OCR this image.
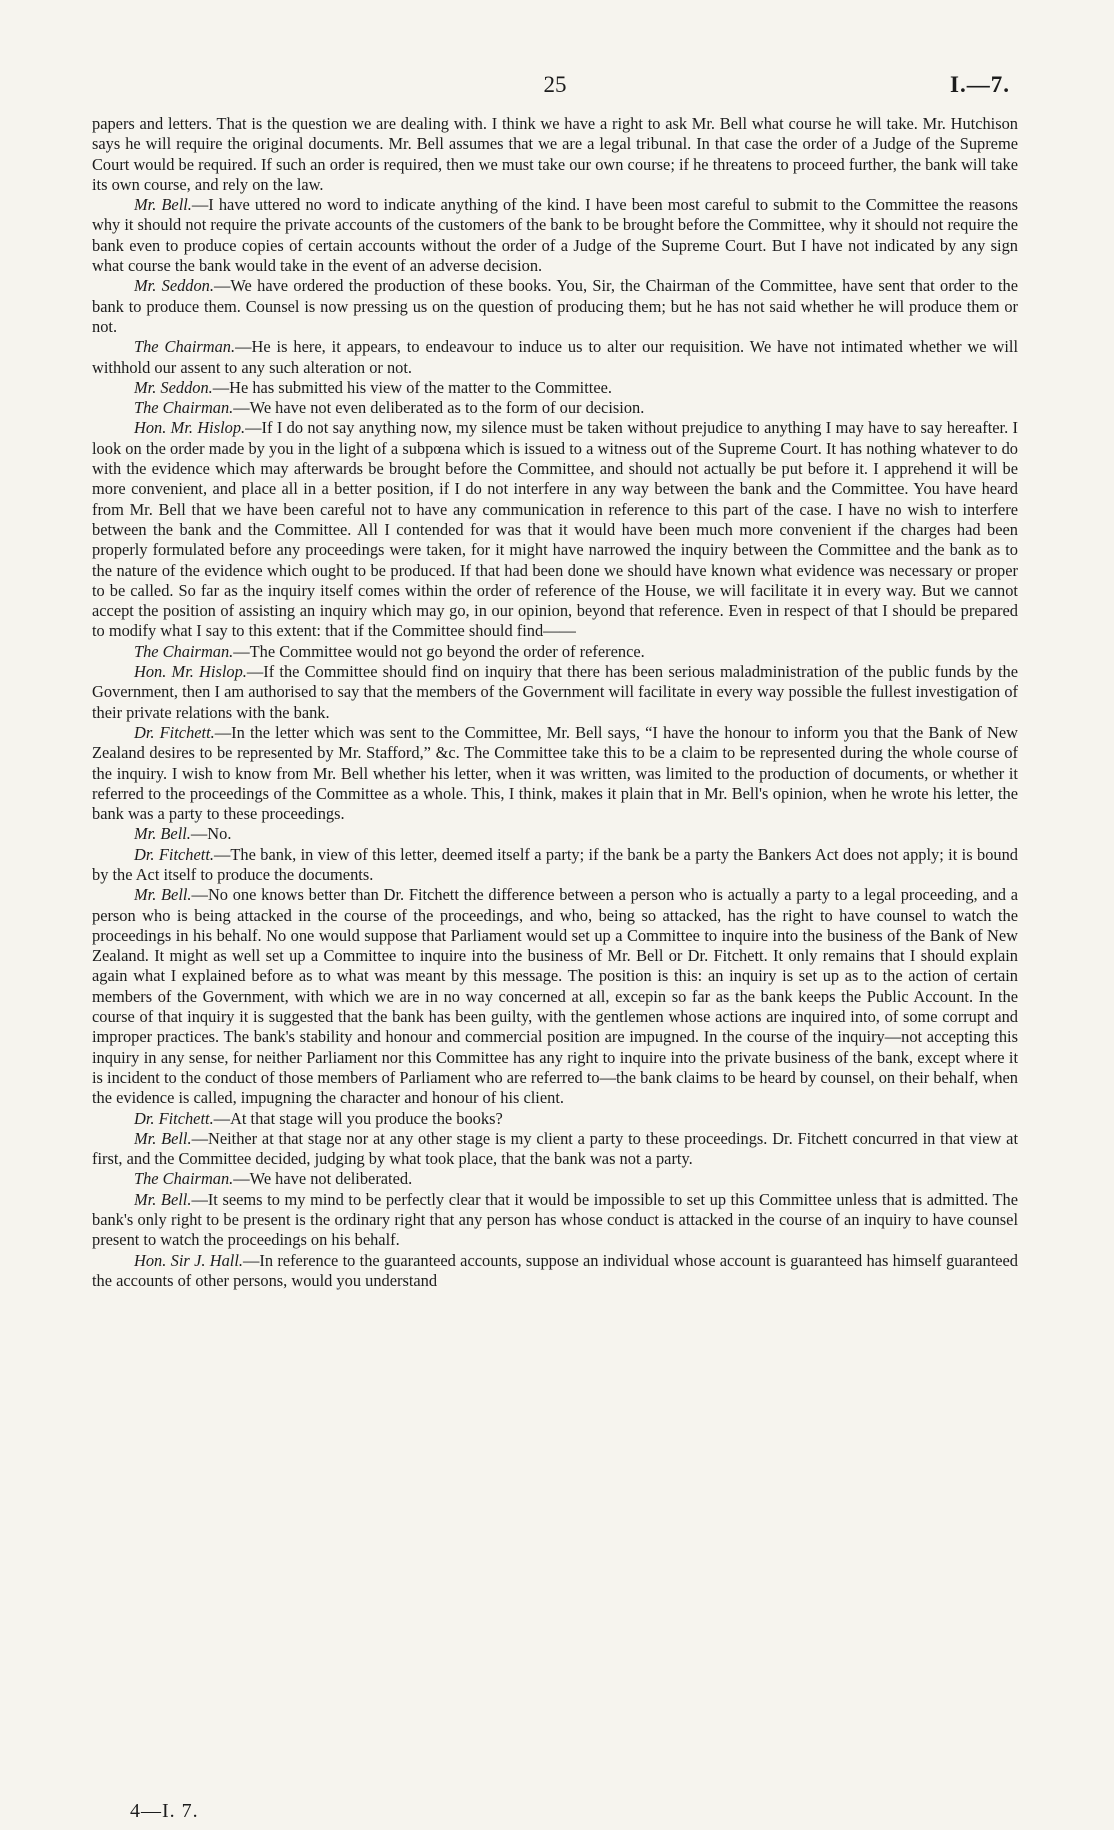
25	I.—7.

papers and letters. That is the question we are dealing with. I think we have a right to ask Mr. Bell what course he will take. Mr. Hutchison says he will require the original documents. Mr. Bell assumes that we are a legal tribunal. In that case the order of a Judge of the Supreme Court would be required. If such an order is required, then we must take our own course; if he threatens to proceed further, the bank will take its own course, and rely on the law.

Mr. Bell.—I have uttered no word to indicate anything of the kind. I have been most careful to submit to the Committee the reasons why it should not require the private accounts of the customers of the bank to be brought before the Committee, why it should not require the bank even to produce copies of certain accounts without the order of a Judge of the Supreme Court. But I have not indicated by any sign what course the bank would take in the event of an adverse decision.

Mr. Seddon.—We have ordered the production of these books. You, Sir, the Chairman of the Committee, have sent that order to the bank to produce them. Counsel is now pressing us on the question of producing them; but he has not said whether he will produce them or not.

The Chairman.—He is here, it appears, to endeavour to induce us to alter our requisition. We have not intimated whether we will withhold our assent to any such alteration or not.

Mr. Seddon.—He has submitted his view of the matter to the Committee.

The Chairman.—We have not even deliberated as to the form of our decision.

Hon. Mr. Hislop.—If I do not say anything now, my silence must be taken without prejudice to anything I may have to say hereafter. I look on the order made by you in the light of a subpœna which is issued to a witness out of the Supreme Court. It has nothing whatever to do with the evidence which may afterwards be brought before the Committee, and should not actually be put before it. I apprehend it will be more convenient, and place all in a better position, if I do not interfere in any way between the bank and the Committee. You have heard from Mr. Bell that we have been careful not to have any communication in reference to this part of the case. I have no wish to interfere between the bank and the Committee. All I contended for was that it would have been much more convenient if the charges had been properly formulated before any proceedings were taken, for it might have narrowed the inquiry between the Committee and the bank as to the nature of the evidence which ought to be produced. If that had been done we should have known what evidence was necessary or proper to be called. So far as the inquiry itself comes within the order of reference of the House, we will facilitate it in every way. But we cannot accept the position of assisting an inquiry which may go, in our opinion, beyond that reference. Even in respect of that I should be prepared to modify what I say to this extent: that if the Committee should find——

The Chairman.—The Committee would not go beyond the order of reference.

Hon. Mr. Hislop.—If the Committee should find on inquiry that there has been serious maladministration of the public funds by the Government, then I am authorised to say that the members of the Government will facilitate in every way possible the fullest investigation of their private relations with the bank.

Dr. Fitchett.—In the letter which was sent to the Committee, Mr. Bell says, “I have the honour to inform you that the Bank of New Zealand desires to be represented by Mr. Stafford,” &c. The Committee take this to be a claim to be represented during the whole course of the inquiry. I wish to know from Mr. Bell whether his letter, when it was written, was limited to the production of documents, or whether it referred to the proceedings of the Committee as a whole. This, I think, makes it plain that in Mr. Bell's opinion, when he wrote his letter, the bank was a party to these proceedings.

Mr. Bell.—No.

Dr. Fitchett.—The bank, in view of this letter, deemed itself a party; if the bank be a party the Bankers Act does not apply; it is bound by the Act itself to produce the documents.

Mr. Bell.—No one knows better than Dr. Fitchett the difference between a person who is actually a party to a legal proceeding, and a person who is being attacked in the course of the proceedings, and who, being so attacked, has the right to have counsel to watch the proceedings in his behalf. No one would suppose that Parliament would set up a Committee to inquire into the business of the Bank of New Zealand. It might as well set up a Committee to inquire into the business of Mr. Bell or Dr. Fitchett. It only remains that I should explain again what I explained before as to what was meant by this message. The position is this: an inquiry is set up as to the action of certain members of the Government, with which we are in no way concerned at all, excepin so far as the bank keeps the Public Account. In the course of that inquiry it is suggested that the bank has been guilty, with the gentlemen whose actions are inquired into, of some corrupt and improper practices. The bank's stability and honour and commercial position are impugned. In the course of the inquiry—not accepting this inquiry in any sense, for neither Parliament nor this Committee has any right to inquire into the private business of the bank, except where it is incident to the conduct of those members of Parliament who are referred to—the bank claims to be heard by counsel, on their behalf, when the evidence is called, impugning the character and honour of his client.

Dr. Fitchett.—At that stage will you produce the books?

Mr. Bell.—Neither at that stage nor at any other stage is my client a party to these proceedings. Dr. Fitchett concurred in that view at first, and the Committee decided, judging by what took place, that the bank was not a party.

The Chairman.—We have not deliberated.

Mr. Bell.—It seems to my mind to be perfectly clear that it would be impossible to set up this Committee unless that is admitted. The bank's only right to be present is the ordinary right that any person has whose conduct is attacked in the course of an inquiry to have counsel present to watch the proceedings on his behalf.

Hon. Sir J. Hall.—In reference to the guaranteed accounts, suppose an individual whose account is guaranteed has himself guaranteed the accounts of other persons, would you understand

4—I. 7.
